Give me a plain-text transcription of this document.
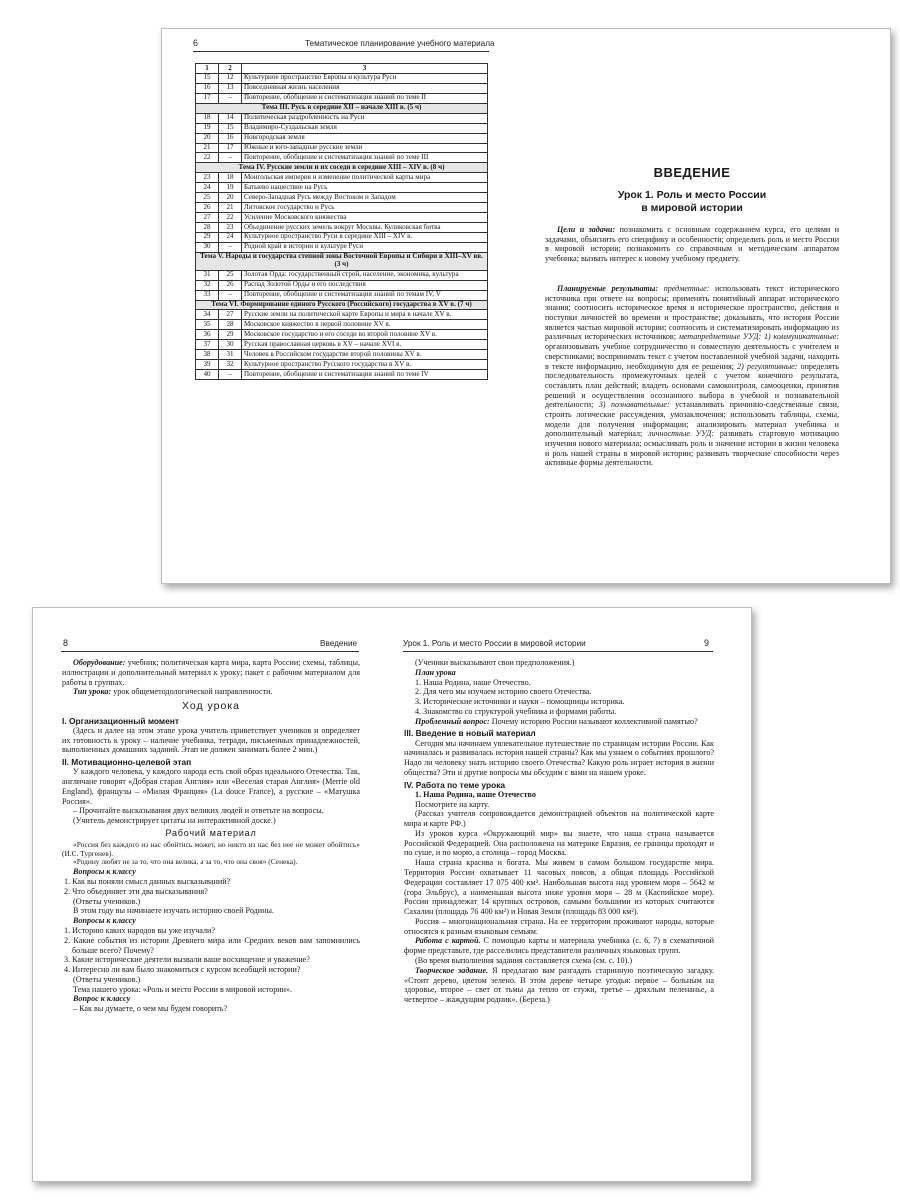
6	Тематическое планирование учебного материала
1	2	3
15	12	Культурное пространство Европы и культура Руси
16	13	Повседневная жизнь населения
17	–	Повторение, обобщение и систематизация знаний по теме II
Тема III. Русь в середине XII – начале XIII в. (5 ч)		
18	14	Политическая раздробленность на Руси
19	15	Владимиро-Суздальская земля
20	16	Новгородская земля
21	17	Южные и юго-западные русские земли
22	–	Повторение, обобщение и систематизация знаний по теме III
Тема IV. Русские земли и их соседи в середине XIII – XIV в. (8 ч)		
23	18	Монгольская империя и изменение политической карты мира
24	19	Батыево нашествие на Русь
25	20	Северо-Западная Русь между Востоком и Западом
26	21	Литовское государство и Русь
27	22	Усиление Московского княжества
28	23	Объединение русских земель вокруг Москвы. Куликовская битва
29	24	Культурное пространство Руси в середине XIII – XIV в.
30	–	Родной край в истории и культуре Руси
Тема V. Народы и государства степной зоны Восточной Европы и Сибири в XIII–XV вв. (3 ч)		
31	25	Золотая Орда: государственный строй, население, экономика, культура
32	26	Распад Золотой Орды и его последствия
33	–	Повторение, обобщение и систематизация знаний по темам IV, V
Тема VI. Формирование единого Русского (Российского) государства в XV в. (7 ч)		
34	27	Русские земли на политической карте Европы и мира в начале XV в.
35	28	Московское княжество в первой половине XV в.
36	29	Московское государство и его соседи во второй половине XV в.
37	30	Русская православная церковь в XV – начале XVI в.
38	31	Человек в Российском государстве второй половины XV в.
39	32	Культурное пространство Русского государства в XV в.
40	–	Повторение, обобщение и систематизация знаний по теме IV
ВВЕДЕНИЕ
Урок 1. Роль и место России
в мировой истории

Цели и задачи: познакомить с основным содержанием курса, его целями и задачами, объяснить его специфику и особенности; определить роль и место России в мировой истории; познакомить со справочным и методическим аппаратом учебника; вызвать интерес к новому учебному предмету.

Планируемые результаты: предметные: использовать текст исторического источника при ответе на вопросы; применять понятийный аппарат исторического знания; соотносить историческое время и историческое пространство, действия и поступки личностей во времени и пространстве; доказывать, что история России является частью мировой истории; соотносить и систематизировать информацию из различных исторических источников; метапредметные УУД: 1) коммуникативные: организовывать учебное сотрудничество и совместную деятельность с учителем и сверстниками; воспринимать текст с учетом поставленной учебной задачи, находить в тексте информацию, необходимую для ее решения; 2) регулятивные: определять последовательность промежуточных целей с учетом конечного результата, составлять план действий; владеть основами самоконтроля, самооценки, принятия решений и осуществления осознанного выбора в учебной и познавательной деятельности; 3) познавательные: устанавливать причинно-следственные связи, строить логические рассуждения, умозаключения; использовать таблицы, схемы, модели для получения информации; анализировать материал учебника и дополнительный материал; личностные УУД: развивать стартовую мотивацию изучения нового материала; осмысливать роль и значение истории в жизни человека и роль нашей страны в мировой истории; развивать творческие способности через активные формы деятельности.

8	Введение	Урок 1. Роль и место России в мировой истории	9

Оборудование: учебник; политическая карта мира, карта России; схемы, таблицы, иллюстрации и дополнительный материал к уроку; пакет с рабочим материалом для работы в группах.

Тип урока: урок общеметодологической направленности.

Ход урока
I. Организационный момент

(Здесь и далее на этом этапе урока учитель приветствует учеников и определяет их готовность к уроку – наличие учебника, тетради, письменных принадлежностей, выполненных домашних заданий. Этап не должен занимать более 2 мин.)

II. Мотивационно-целевой этап

У каждого человека, у каждого народа есть свой образ идеального Отечества. Так, англичане говорят «Добрая старая Англия» или «Веселая старая Англия» (Merrie old England), французы – «Милая Франция» (La douce France), а русские – «Матушка Россия».

– Прочитайте высказывания двух великих людей и ответьте на вопросы.

(Учитель демонстрирует цитаты на интерактивной доске.)

Рабочий материал

«Россия без каждого из нас обойтись может, но никто из нас без нее не может обойтись» (И.С. Тургенев).

«Родину любят не за то, что она велика, а за то, что она своя» (Сенека).

Вопросы к классу

1. Как вы поняли смысл данных высказываний?

2. Что объединяет эти два высказывания?

(Ответы учеников.)

В этом году вы начинаете изучать историю своей Родины.

Вопросы к классу

1. Историю каких народов вы уже изучали?

2. Какие события из истории Древнего мира или Средних веков вам запомнились больше всего? Почему?

3. Какие исторические деятели вызвали ваше восхищение и уважение?

4. Интересно ли вам было знакомиться с курсом всеобщей истории?

(Ответы учеников.)

Тема нашего урока: «Роль и место России в мировой истории».

Вопрос к классу

– Как вы думаете, о чем мы будем говорить?

(Ученики высказывают свои предположения.)

План урока

1. Наша Родина, наше Отечество.

2. Для чего мы изучаем историю своего Отечества.

3. Исторические источники и науки – помощницы историка.

4. Знакомство со структурой учебника и формами работы.

Проблемный вопрос: Почему историю России называют коллективной памятью?

III. Введение в новый материал

Сегодня мы начинаем увлекательное путешествие по страницам истории России. Как начиналась и развивалась история нашей страны? Как мы узнаем о событиях прошлого? Надо ли человеку знать историю своего Отечества? Какую роль играет история в жизни общества? Эти и другие вопросы мы обсудим с вами на нашем уроке.

IV. Работа по теме урока

1. Наша Родина, наше Отечество

Посмотрите на карту.

(Рассказ учителя сопровождается демонстрацией объектов на политической карте мира и карте РФ.)

Из уроков курса «Окружающий мир» вы знаете, что наша страна называется Российской Федерацией. Она расположена на материке Евразия, ее границы проходят и по суше, и по морю, а столица – город Москва.

Наша страна красива и богата. Мы живем в самом большом государстве мира. Территория России охватывает 11 часовых поясов, а общая площадь Российской Федерации составляет 17 075 400 км². Наибольшая высота над уровнем моря – 5642 м (гора Эльбрус), а наименьшая высота ниже уровня моря – 28 м (Каспийское море). России принадлежат 14 крупных островов, самыми большими из которых считаются Сахалин (площадь 76 400 км²) и Новая Земля (площадь 83 000 км²).

Россия – многонациональная страна. На ее территории проживают народы, которые относятся к разным языковым семьям.

Работа с картой. С помощью карты и материала учебника (с. 6, 7) в схематичной форме представьте, где расселились представители различных языковых групп.

(Во время выполнения задания составляется схема (см. с. 10).)

Творческое задание. Я предлагаю вам разгадать старинную поэтическую загадку. «Стоит дерево, цветом зелено. В этом дереве четыре угодья: первое – больным на здоровье, второе – свет от тьмы да тепло от стужи, третье – дряхлым пеленанье, а четвертое – жаждущим родник». (Береза.)
